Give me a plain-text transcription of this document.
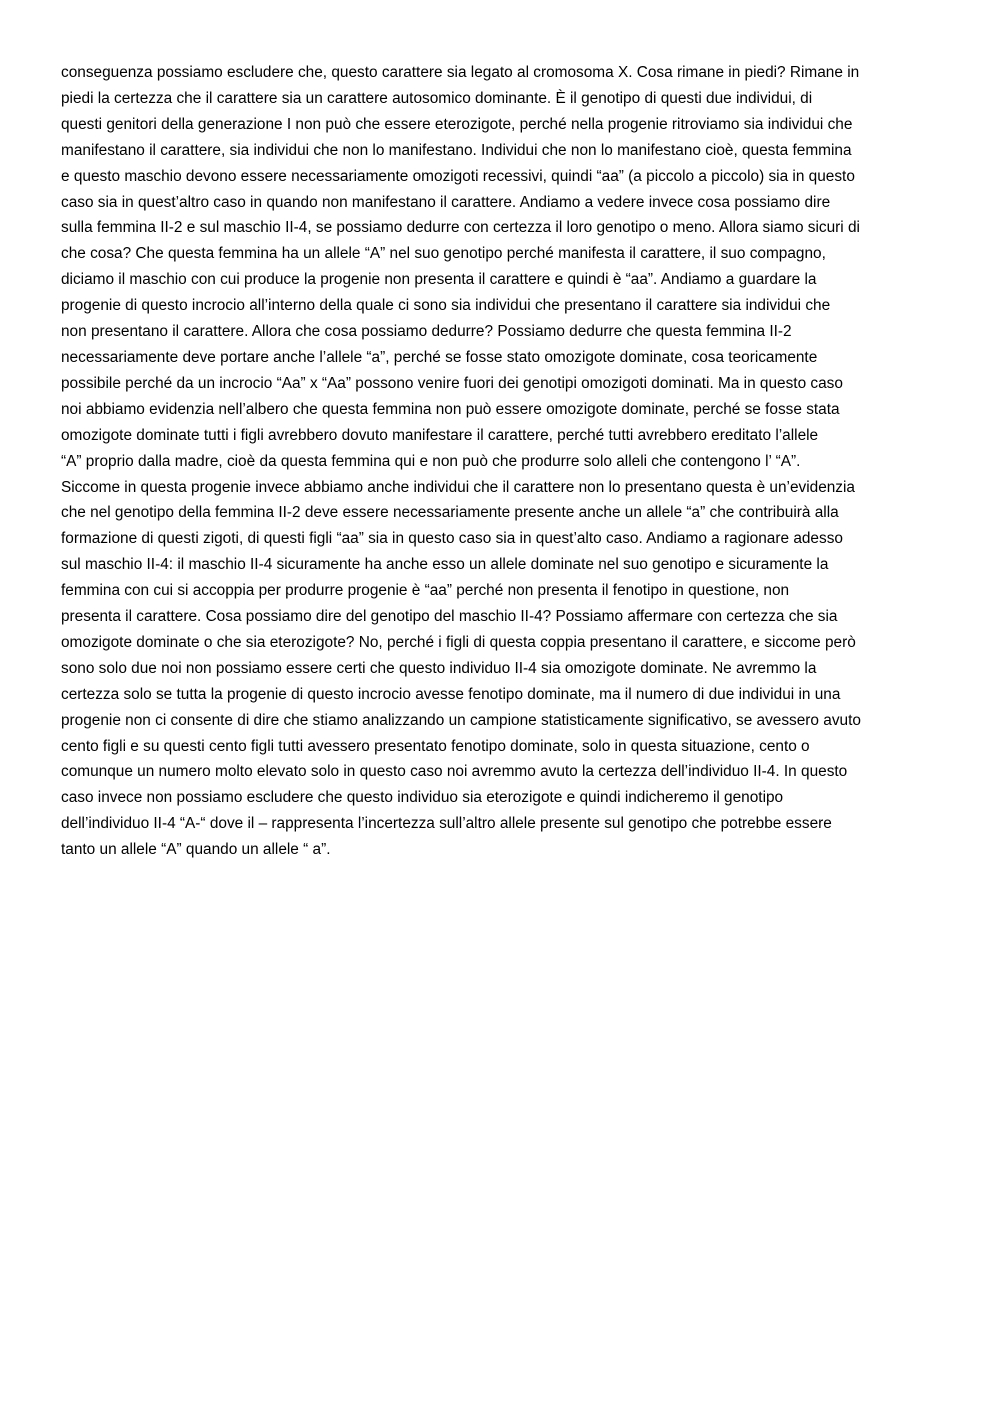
conseguenza possiamo escludere che, questo carattere sia legato al cromosoma X. Cosa rimane in piedi? Rimane in
piedi la certezza che il carattere sia un carattere autosomico dominante. È il genotipo di questi due individui, di
questi genitori della generazione I non può che essere eterozigote, perché nella progenie ritroviamo sia individui che
manifestano il carattere, sia individui che non lo manifestano. Individui che non lo manifestano cioè, questa femmina
e questo maschio devono essere necessariamente omozigoti recessivi, quindi “aa” (a piccolo a piccolo) sia in questo
caso sia in quest’altro caso in quando non manifestano il carattere. Andiamo a vedere invece cosa possiamo dire
sulla femmina II-2 e sul maschio II-4, se possiamo dedurre con certezza il loro genotipo o meno. Allora siamo sicuri di
che cosa? Che questa femmina ha un allele “A” nel suo genotipo perché manifesta il carattere, il suo compagno,
diciamo il maschio con cui produce la progenie non presenta il carattere e quindi è “aa”. Andiamo a guardare la
progenie di questo incrocio all’interno della quale ci sono sia individui che presentano il carattere sia individui che
non presentano il carattere. Allora che cosa possiamo dedurre? Possiamo dedurre che questa femmina II-2
necessariamente deve portare anche l’allele “a”, perché se fosse stato omozigote dominate, cosa teoricamente
possibile perché da un incrocio “Aa” x “Aa” possono venire fuori dei genotipi omozigoti dominati. Ma in questo caso
noi abbiamo evidenzia nell’albero che questa femmina non può essere omozigote dominate, perché se fosse stata
omozigote dominate tutti i figli avrebbero dovuto manifestare il carattere, perché tutti avrebbero ereditato l’allele
“A” proprio dalla madre, cioè da questa femmina qui e non può che produrre solo alleli che contengono l’ “A”.
Siccome in questa progenie invece abbiamo anche individui che il carattere non lo presentano questa è un’evidenzia
che nel genotipo della femmina II-2 deve essere necessariamente presente anche un allele “a” che contribuirà alla
formazione di questi zigoti, di questi figli “aa” sia in questo caso sia in quest’alto caso. Andiamo a ragionare adesso
sul maschio II-4: il maschio II-4 sicuramente ha anche esso un allele dominate nel suo genotipo e sicuramente la
femmina con cui si accoppia per produrre progenie è “aa” perché non presenta il fenotipo in questione, non
presenta il carattere. Cosa possiamo dire del genotipo del maschio II-4? Possiamo affermare con certezza che sia
omozigote dominate o che sia eterozigote? No, perché i figli di questa coppia presentano il carattere, e siccome però
sono solo due noi non possiamo essere certi che questo individuo II-4 sia omozigote dominate. Ne avremmo la
certezza solo se tutta la progenie di questo incrocio avesse fenotipo dominate, ma il numero di due individui in una
progenie non ci consente di dire che stiamo analizzando un campione statisticamente significativo, se avessero avuto
cento figli e su questi cento figli tutti avessero presentato fenotipo dominate, solo in questa situazione, cento o
comunque un numero molto elevato solo in questo caso noi avremmo avuto la certezza dell’individuo II-4. In questo
caso invece non possiamo escludere che questo individuo sia eterozigote e quindi indicheremo il genotipo
dell’individuo II-4 “A-“ dove il – rappresenta l’incertezza sull’altro allele presente sul genotipo che potrebbe essere
tanto un allele “A” quando un allele “ a”.
